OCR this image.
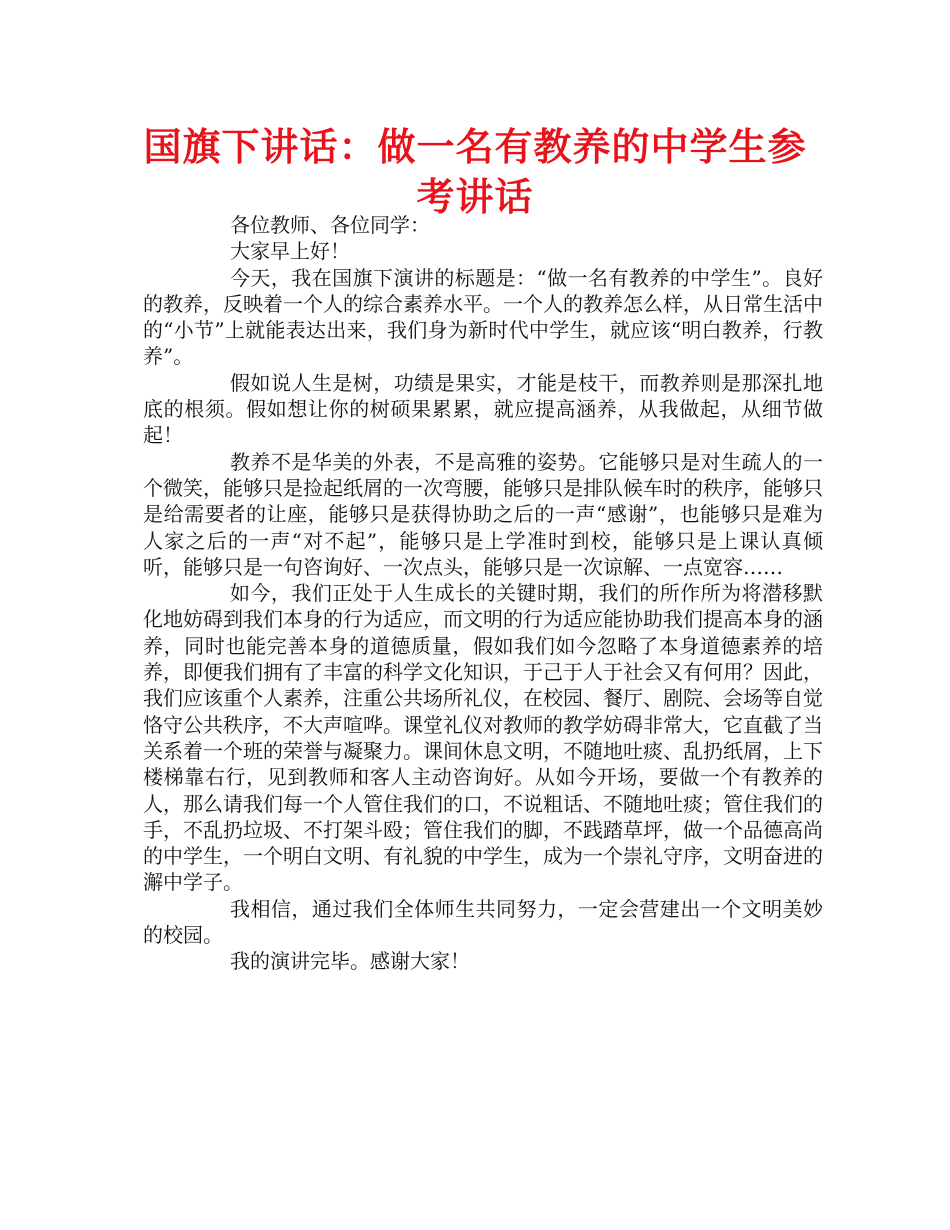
国旗下讲话：做一名有教养的中学生参考讲话

各位教师、各位同学：

大家早上好！

今天，我在国旗下演讲的标题是：“做一名有教养的中学生”。良好的教养，反映着一个人的综合素养水平。一个人的教养怎么样，从日常生活中的“小节”上就能表达出来，我们身为新时代中学生，就应该“明白教养，行教养”。

假如说人生是树，功绩是果实，才能是枝干，而教养则是那深扎地底的根须。假如想让你的树硕果累累，就应提高涵养，从我做起，从细节做起！

教养不是华美的外表，不是高雅的姿势。它能够只是对生疏人的一个微笑，能够只是捡起纸屑的一次弯腰，能够只是排队候车时的秩序，能够只是给需要者的让座，能够只是获得协助之后的一声“感谢”，也能够只是难为人家之后的一声“对不起”，能够只是上学准时到校，能够只是上课认真倾听，能够只是一句咨询好、一次点头，能够只是一次谅解、一点宽容……

如今，我们正处于人生成长的关键时期，我们的所作所为将潜移默化地妨碍到我们本身的行为适应，而文明的行为适应能协助我们提高本身的涵养，同时也能完善本身的道德质量，假如我们如今忽略了本身道德素养的培养，即便我们拥有了丰富的科学文化知识，于己于人于社会又有何用？因此，我们应该重个人素养，注重公共场所礼仪，在校园、餐厅、剧院、会场等自觉恪守公共秩序，不大声喧哗。课堂礼仪对教师的教学妨碍非常大，它直截了当关系着一个班的荣誉与凝聚力。课间休息文明，不随地吐痰、乱扔纸屑，上下楼梯靠右行，见到教师和客人主动咨询好。从如今开场，要做一个有教养的人，那么请我们每一个人管住我们的口，不说粗话、不随地吐痰；管住我们的手，不乱扔垃圾、不打架斗殴；管住我们的脚，不践踏草坪，做一个品德高尚的中学生，一个明白文明、有礼貌的中学生，成为一个崇礼守序，文明奋进的澥中学子。

我相信，通过我们全体师生共同努力，一定会营建出一个文明美妙的校园。

我的演讲完毕。感谢大家！
